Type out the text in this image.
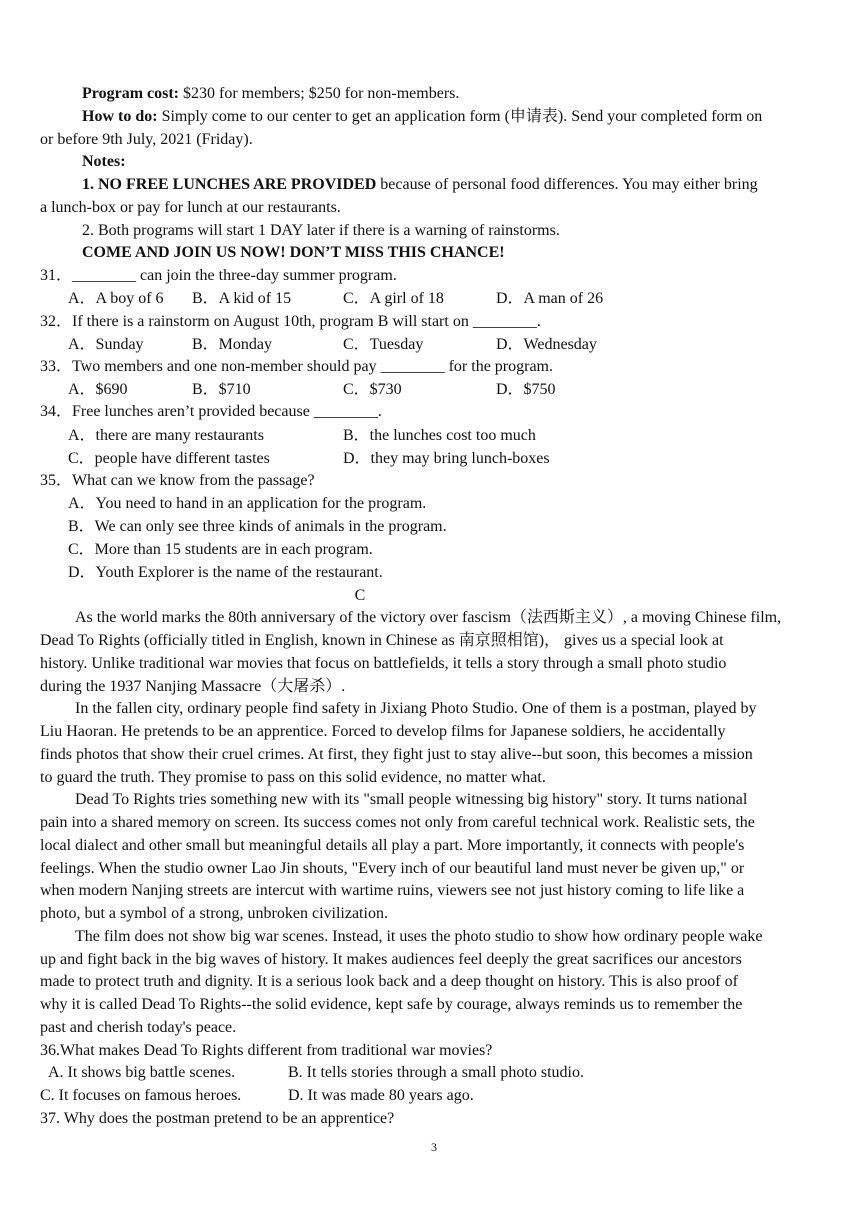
Program cost: $230 for members; $250 for non-members.
How to do: Simply come to our center to get an application form (申请表). Send your completed form on
or before 9th July, 2021 (Friday).
Notes:
1. NO FREE LUNCHES ARE PROVIDED because of personal food differences. You may either bring
a lunch-box or pay for lunch at our restaurants.
2. Both programs will start 1 DAY later if there is a warning of rainstorms.
COME AND JOIN US NOW! DON’T MISS THIS CHANCE!
31．________ can join the three-day summer program.
A．A boy of 6 B．A kid of 15	C．A girl of 18	D．A man of 26
32．If there is a rainstorm on August 10th, program B will start on ________.
A．Sunday	B．Monday	C．Tuesday	D．Wednesday
33．Two members and one non-member should pay ________ for the program.
A．$690	B．$710	C．$730	D．$750
34．Free lunches aren’t provided because ________.
A．there are many restaurants	B．the lunches cost too much
C．people have different tastes	D．they may bring lunch-boxes
35．What can we know from the passage?
A．You need to hand in an application for the program.
B．We can only see three kinds of animals in the program.
C．More than 15 students are in each program.
D．Youth Explorer is the name of the restaurant.
C
As the world marks the 80th anniversary of the victory over fascism（法西斯主义）, a moving Chinese film,
Dead To Rights (officially titled in English, known in Chinese as 南京照相馆)， gives us a special look at
history. Unlike traditional war movies that focus on battlefields, it tells a story through a small photo studio
during the 1937 Nanjing Massacre（大屠杀）.
In the fallen city, ordinary people find safety in Jixiang Photo Studio. One of them is a postman, played by
Liu Haoran. He pretends to be an apprentice. Forced to develop films for Japanese soldiers, he accidentally
finds photos that show their cruel crimes. At first, they fight just to stay alive--but soon, this becomes a mission
to guard the truth. They promise to pass on this solid evidence, no matter what.
Dead To Rights tries something new with its "small people witnessing big history" story. It turns national
pain into a shared memory on screen. Its success comes not only from careful technical work. Realistic sets, the
local dialect and other small but meaningful details all play a part. More importantly, it connects with people's
feelings. When the studio owner Lao Jin shouts, "Every inch of our beautiful land must never be given up," or
when modern Nanjing streets are intercut with wartime ruins, viewers see not just history coming to life like a
photo, but a symbol of a strong, unbroken civilization.
The film does not show big war scenes. Instead, it uses the photo studio to show how ordinary people wake
up and fight back in the big waves of history. It makes audiences feel deeply the great sacrifices our ancestors
made to protect truth and dignity. It is a serious look back and a deep thought on history. This is also proof of
why it is called Dead To Rights--the solid evidence, kept safe by courage, always reminds us to remember the
past and cherish today's peace.
36.What makes Dead To Rights different from traditional war movies?
A. It shows big battle scenes.	B. It tells stories through a small photo studio.
C. It focuses on famous heroes.	D. It was made 80 years ago.
37. Why does the postman pretend to be an apprentice?
3
